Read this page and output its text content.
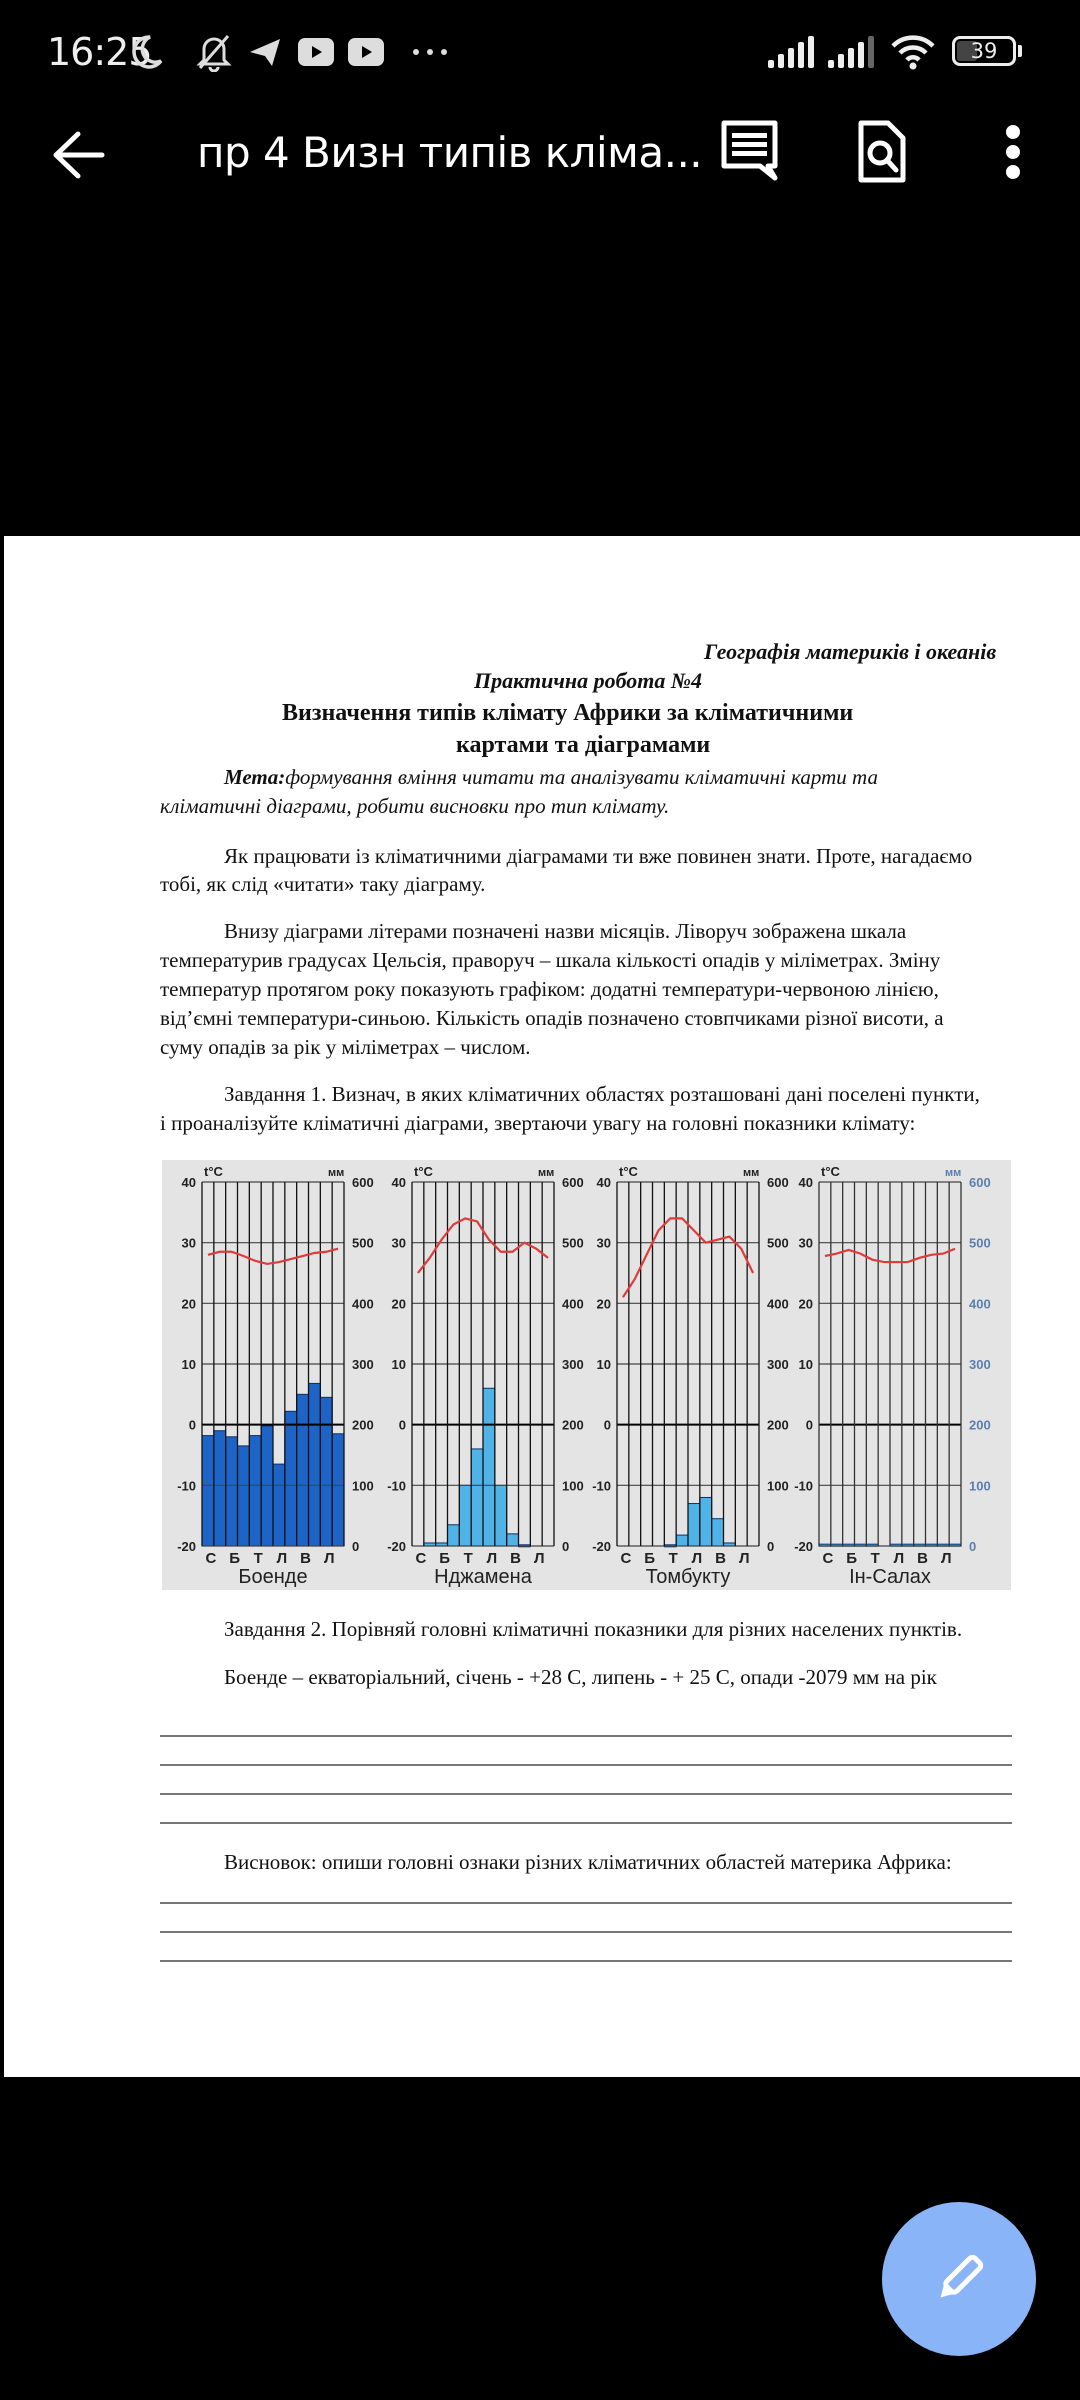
16:25	39
пр 4 Визн типів кліма...
Географія материків і океанів
Практична робота №4
Визначення типів клімату Африки за кліматичними
картами та діаграмами
Мета:формування вміння читати та аналізувати кліматичні карти та
кліматичні діаграми, робити висновки про тип клімату.
Як працювати із кліматичними діаграмами ти вже повинен знати. Проте, нагадаємо
тобі, як слід «читати» таку діаграму.
Внизу діаграми літерами позначені назви місяців. Ліворуч зображена шкала
температурив градусах Цельсія, праворуч – шкала кількості опадів у міліметрах. Зміну
температур протягом року показують графіком: додатні температури-червоною лінією,
від’ємні температури-синьою. Кількість опадів позначено стовпчиками різної висоти, а
суму опадів за рік у міліметрах – числом.
Завдання 1. Визнач, в яких кліматичних областях розташовані дані поселені пункти,
і проаналізуйте кліматичні діаграми, звертаючи увагу на головні показники клімату:
40
30
20
10
0
-10
-20
600
500
400
300
200
100
0
t°C	мм
С Б Т Л В Л
Боенде
40
30
20
10
0
-10
-20
600
500
400
300
200
100
0
t°C	мм
С Б Т Л В Л
Нджамена
40
30
20
10
0
-10
-20
600
500
400
300
200
100
0
t°C	мм
С Б Т Л В Л
Томбукту
40
30
20
10
0
-10
-20
600
500
400
300
200
100
0
t°C	мм
С Б Т Л В Л
Ін-Салах
Завдання 2. Порівняй головні кліматичні показники для різних населених пунктів.
Боенде – екваторіальний, січень - +28 С, липень - + 25 С, опади -2079 мм на рік
Висновок: опиши головні ознаки різних кліматичних областей материка Африка:
